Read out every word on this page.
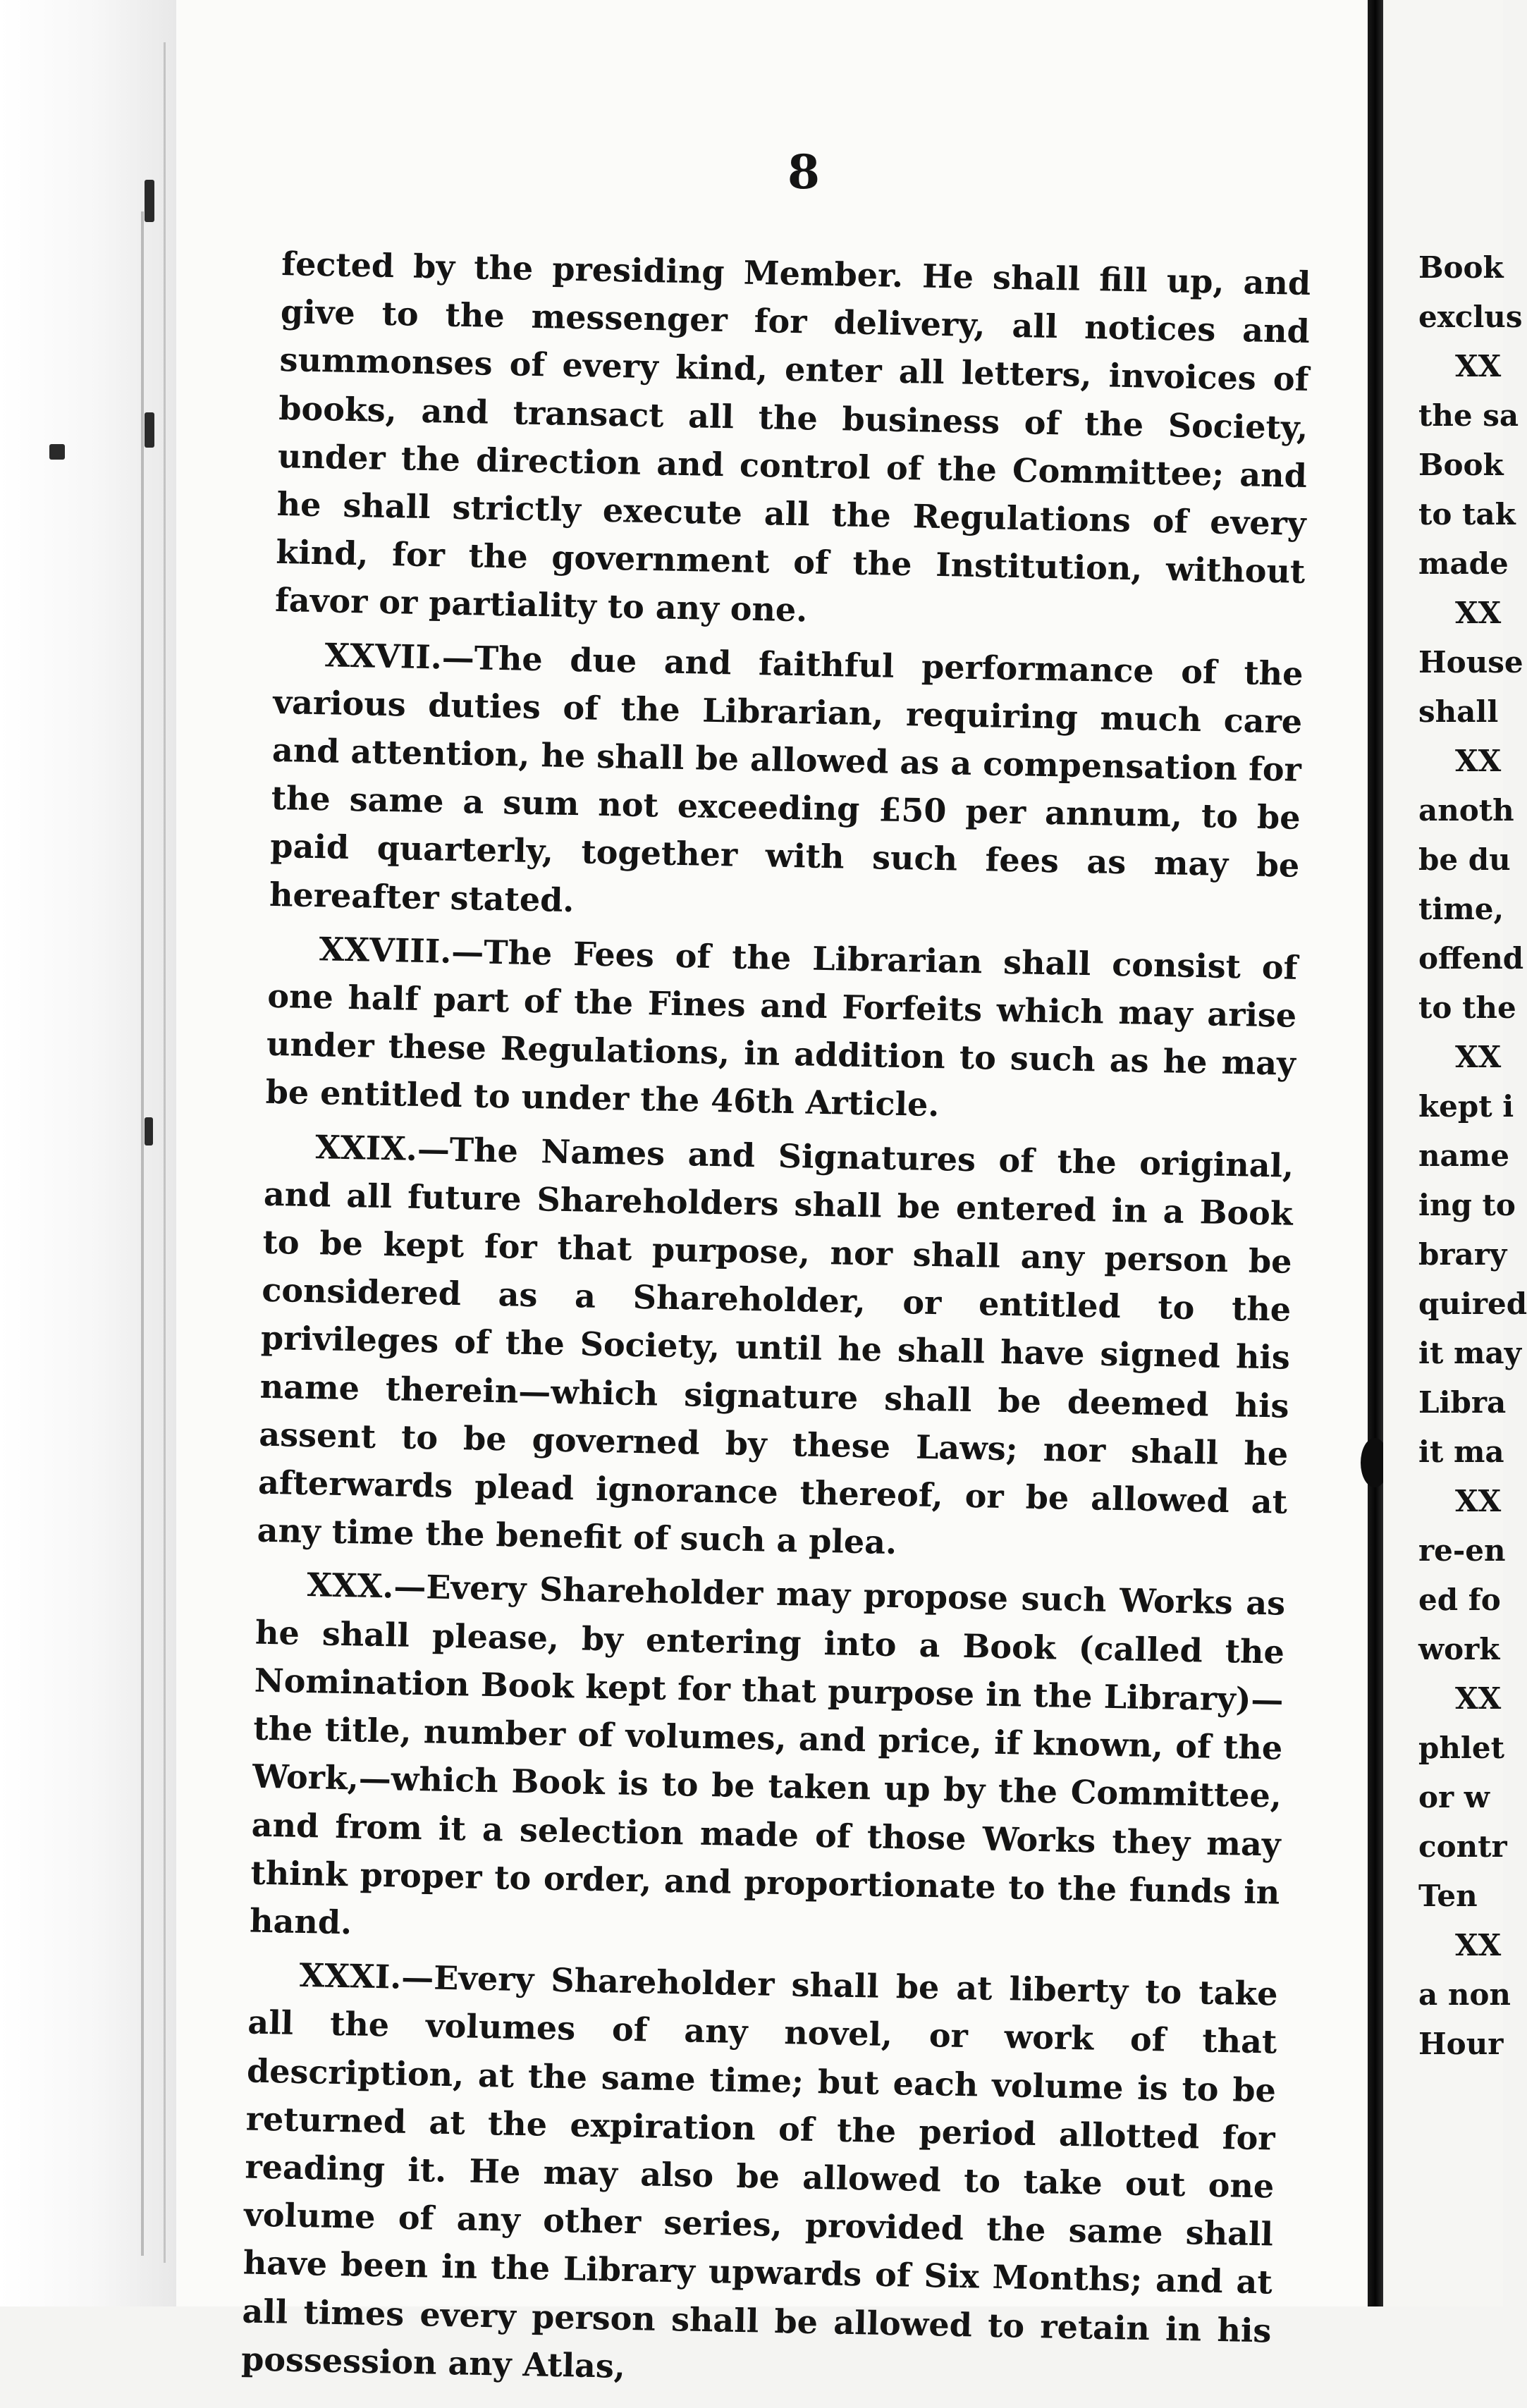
8

fected by the presiding Member. He shall fill up, and give to the messenger for delivery, all notices and summonses of every kind, enter all letters, invoices of books, and transact all the business of the Society, under the direction and control of the Committee; and he shall strictly execute all the Regulations of every kind, for the government of the Institution, without favor or partiality to any one.

XXVII.—The due and faithful performance of the various duties of the Librarian, requiring much care and attention, he shall be allowed as a compensation for the same a sum not exceeding £50 per annum, to be paid quarterly, together with such fees as may be hereafter stated.

XXVIII.—The Fees of the Librarian shall consist of one half part of the Fines and Forfeits which may arise under these Regulations, in addition to such as he may be entitled to under the 46th Article.

XXIX.—The Names and Signatures of the original, and all future Shareholders shall be entered in a Book to be kept for that purpose, nor shall any person be considered as a Shareholder, or entitled to the privileges of the Society, until he shall have signed his name therein—which signature shall be deemed his assent to be governed by these Laws; nor shall he afterwards plead ignorance thereof, or be allowed at any time the benefit of such a plea.

XXX.—Every Shareholder may propose such Works as he shall please, by entering into a Book (called the Nomination Book kept for that purpose in the Library)—the title, number of volumes, and price, if known, of the Work,—which Book is to be taken up by the Committee, and from it a selection made of those Works they may think proper to order, and proportionate to the funds in hand.

XXXI.—Every Shareholder shall be at liberty to take all the volumes of any novel, or work of that description, at the same time; but each volume is to be returned at the expiration of the period allotted for reading it. He may also be allowed to take out one volume of any other series, provided the same shall have been in the Library upwards of Six Months; and at all times every person shall be allowed to retain in his possession any Atlas,

Book
exclus
XX
the sa
Book
to tak
made
XX
House
shall
XX
anoth
be du
time,
offend
to the
XX
kept i
name
ing to
brary
quired
it may
Libra
it ma
XX
re-en
ed fo
work
XX
phlet
or w
contr
Ten
XX
a non
Hour
